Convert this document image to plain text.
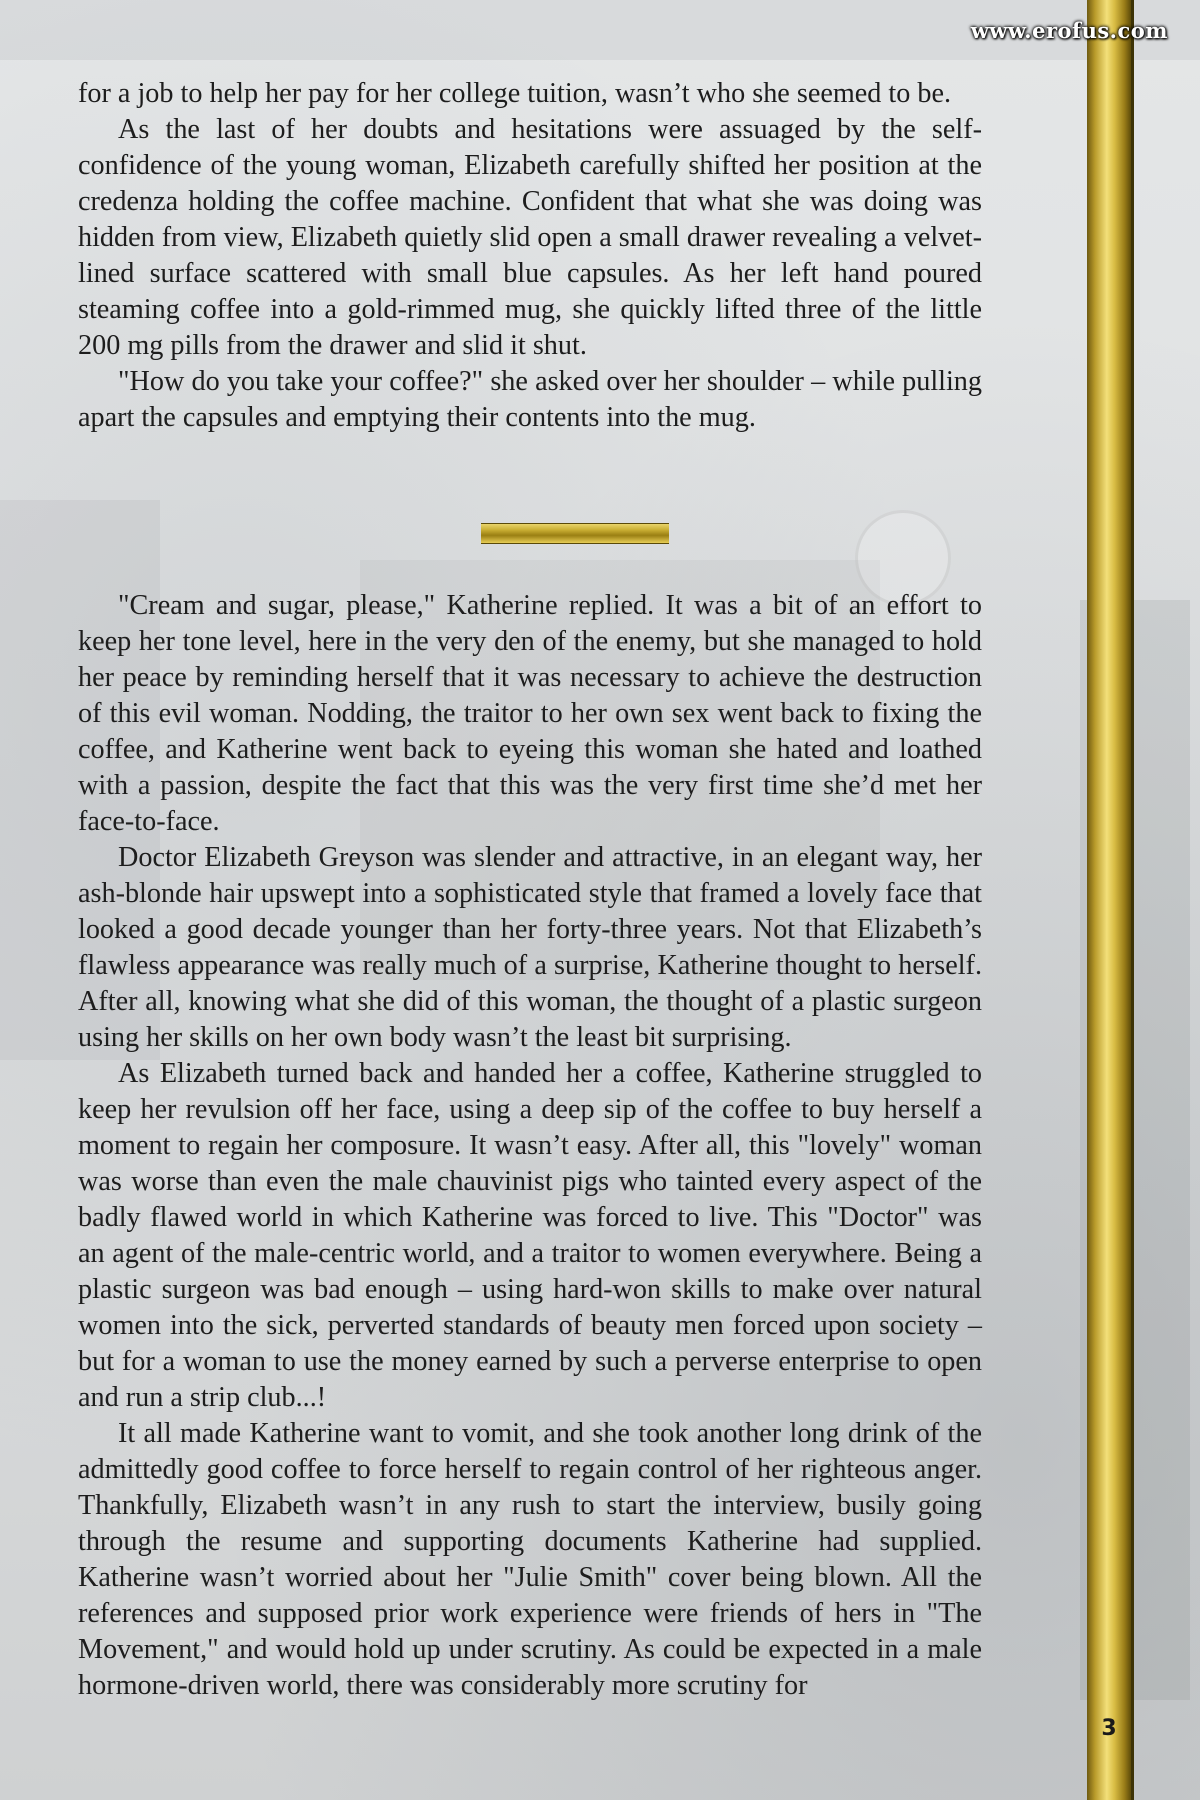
www.erofus.com

for a job to help her pay for her college tuition, wasn’t who she seemed to be.

As the last of her doubts and hesitations were assuaged by the self-confidence of the young woman, Elizabeth carefully shifted her position at the credenza holding the coffee machine. Confident that what she was doing was hidden from view, Elizabeth quietly slid open a small drawer revealing a velvet-lined surface scattered with small blue capsules. As her left hand poured steaming coffee into a gold-rimmed mug, she quickly lifted three of the little 200 mg pills from the drawer and slid it shut.

"How do you take your coffee?" she asked over her shoulder – while pulling apart the capsules and emptying their contents into the mug.

"Cream and sugar, please," Katherine replied. It was a bit of an effort to keep her tone level, here in the very den of the enemy, but she managed to hold her peace by reminding herself that it was necessary to achieve the destruction of this evil woman. Nodding, the traitor to her own sex went back to fixing the coffee, and Katherine went back to eyeing this woman she hated and loathed with a passion, despite the fact that this was the very first time she’d met her face-to-face.

Doctor Elizabeth Greyson was slender and attractive, in an elegant way, her ash-blonde hair upswept into a sophisticated style that framed a lovely face that looked a good decade younger than her forty-three years. Not that Elizabeth’s flawless appearance was really much of a surprise, Katherine thought to herself. After all, knowing what she did of this woman, the thought of a plastic surgeon using her skills on her own body wasn’t the least bit surprising.

As Elizabeth turned back and handed her a coffee, Katherine struggled to keep her revulsion off her face, using a deep sip of the coffee to buy herself a moment to regain her composure. It wasn’t easy. After all, this "lovely" woman was worse than even the male chauvinist pigs who tainted every aspect of the badly flawed world in which Katherine was forced to live. This "Doctor" was an agent of the male-centric world, and a traitor to women everywhere. Being a plastic surgeon was bad enough – using hard-won skills to make over natural women into the sick, perverted standards of beauty men forced upon society – but for a woman to use the money earned by such a perverse enterprise to open and run a strip club...!

It all made Katherine want to vomit, and she took another long drink of the admittedly good coffee to force herself to regain control of her righteous anger. Thankfully, Elizabeth wasn’t in any rush to start the interview, busily going through the resume and supporting documents Katherine had supplied. Katherine wasn’t worried about her "Julie Smith" cover being blown. All the references and supposed prior work experience were friends of hers in "The Movement," and would hold up under scrutiny. As could be expected in a male hormone-driven world, there was considerably more scrutiny for

3
